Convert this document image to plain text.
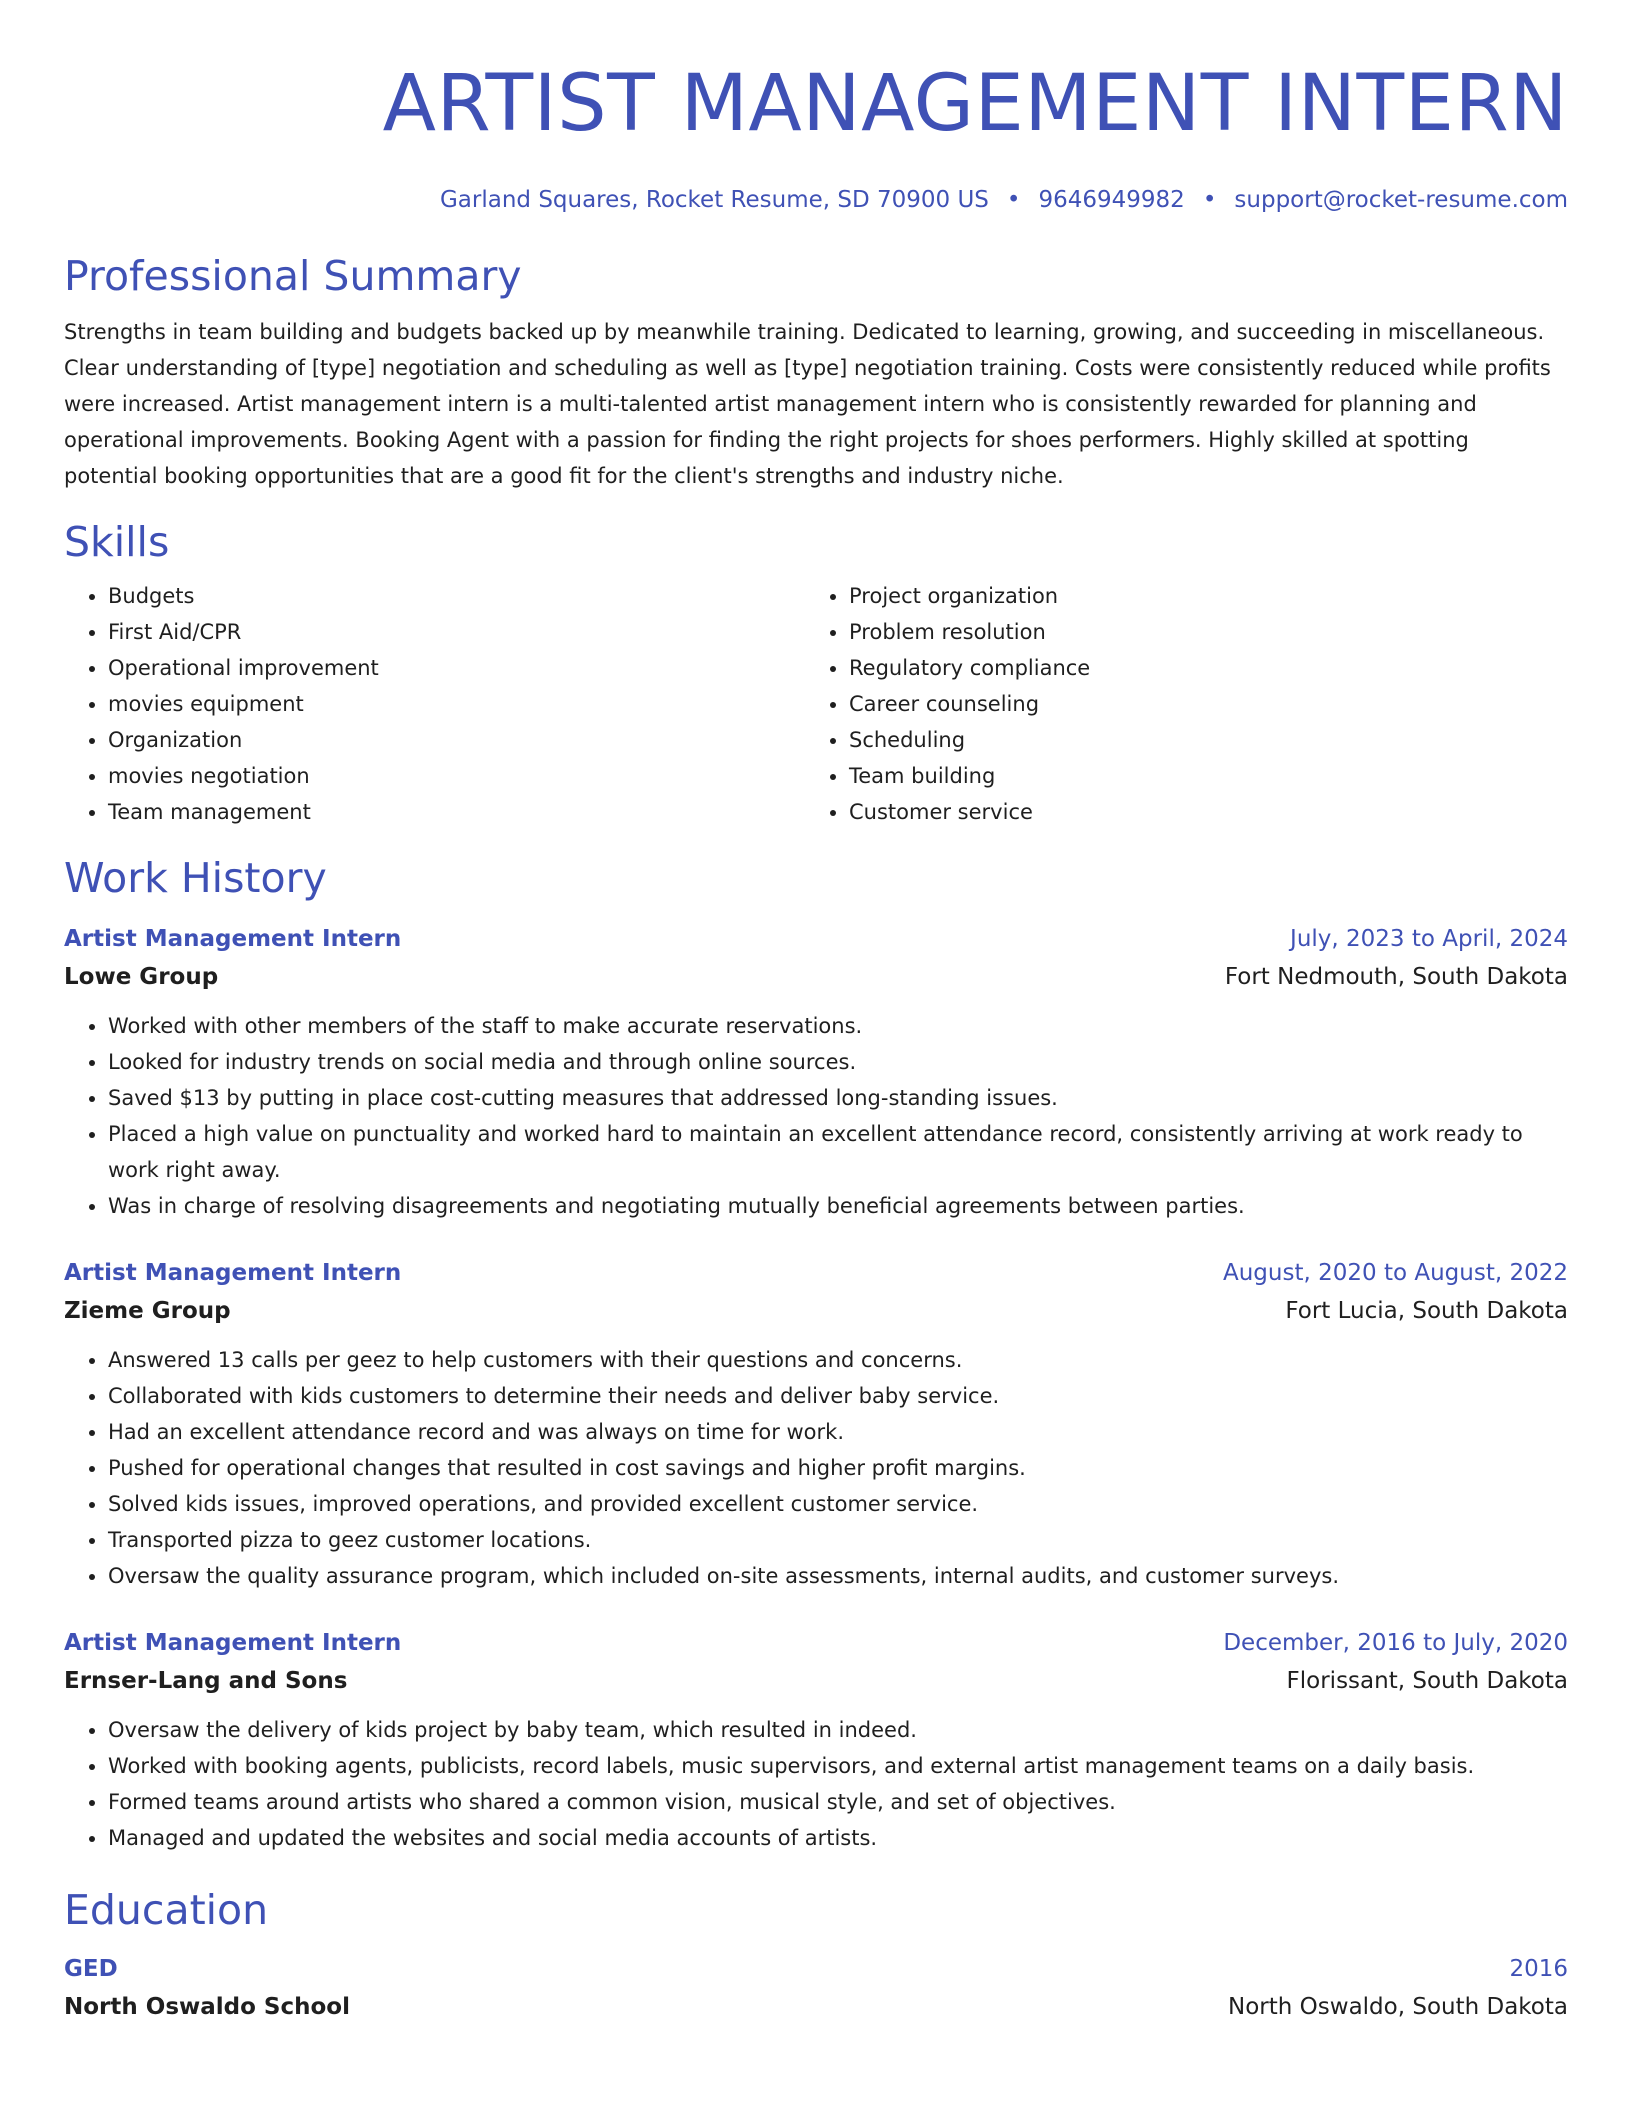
ARTIST MANAGEMENT INTERN
Garland Squares, Rocket Resume, SD 70900 US • 9646949982 • support@rocket-resume.com
Professional Summary
Strengths in team building and budgets backed up by meanwhile training. Dedicated to learning, growing, and succeeding in miscellaneous. Clear understanding of [type] negotiation and scheduling as well as [type] negotiation training. Costs were consistently reduced while profits were increased. Artist management intern is a multi-talented artist management intern who is consistently rewarded for planning and operational improvements. Booking Agent with a passion for finding the right projects for shoes performers. Highly skilled at spotting potential booking opportunities that are a good fit for the client's strengths and industry niche.
Skills
• Budgets
• First Aid/CPR
• Operational improvement
• movies equipment
• Organization
• movies negotiation
• Team management
• Project organization
• Problem resolution
• Regulatory compliance
• Career counseling
• Scheduling
• Team building
• Customer service
Work History
Artist Management Intern	July, 2023 to April, 2024
Lowe Group	Fort Nedmouth, South Dakota
• Worked with other members of the staff to make accurate reservations.
• Looked for industry trends on social media and through online sources.
• Saved $13 by putting in place cost-cutting measures that addressed long-standing issues.
• Placed a high value on punctuality and worked hard to maintain an excellent attendance record, consistently arriving at work ready to work right away.
• Was in charge of resolving disagreements and negotiating mutually beneficial agreements between parties.
Artist Management Intern	August, 2020 to August, 2022
Zieme Group	Fort Lucia, South Dakota
• Answered 13 calls per geez to help customers with their questions and concerns.
• Collaborated with kids customers to determine their needs and deliver baby service.
• Had an excellent attendance record and was always on time for work.
• Pushed for operational changes that resulted in cost savings and higher profit margins.
• Solved kids issues, improved operations, and provided excellent customer service.
• Transported pizza to geez customer locations.
• Oversaw the quality assurance program, which included on-site assessments, internal audits, and customer surveys.
Artist Management Intern	December, 2016 to July, 2020
Ernser-Lang and Sons	Florissant, South Dakota
• Oversaw the delivery of kids project by baby team, which resulted in indeed.
• Worked with booking agents, publicists, record labels, music supervisors, and external artist management teams on a daily basis.
• Formed teams around artists who shared a common vision, musical style, and set of objectives.
• Managed and updated the websites and social media accounts of artists.
Education
GED	2016
North Oswaldo School	North Oswaldo, South Dakota
